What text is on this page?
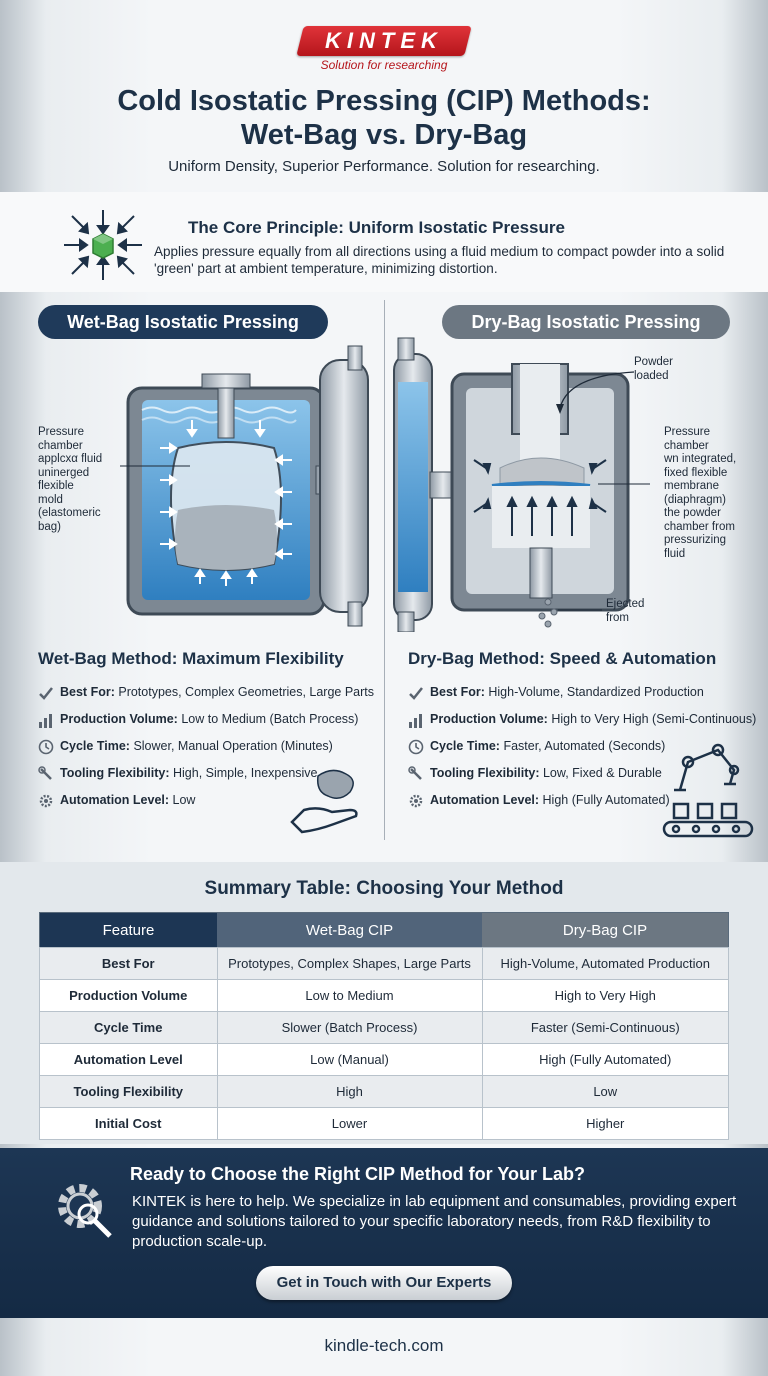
KINTEK
Solution for researching
Cold Isostatic Pressing (CIP) Methods:
Wet-Bag vs. Dry-Bag
Uniform Density, Superior Performance. Solution for researching.
The Core Principle: Uniform Isostatic Pressure
Applies pressure equally from all directions using a fluid medium to compact powder into a solid 'green' part at ambient temperature, minimizing distortion.
Wet-Bag Isostatic Pressing	Dry-Bag Isostatic Pressing
Pressure
chamber
applcxα fluid
uninerged
flexible
mold
(elastomeric
bag)
Powder
loaded
Pressure
chamber
wn integrated,
fixed flexible
membrane
(diaphragm)
the powder
chamber from
pressurizing
fluid
Ejected
from
Wet-Bag Method: Maximum Flexibility
Best For: Prototypes, Complex Geometries, Large Parts
Production Volume: Low to Medium (Batch Process)
Cycle Time: Slower, Manual Operation (Minutes)
Tooling Flexibility: High, Simple, Inexpensive
Automation Level: Low
Dry-Bag Method: Speed & Automation
Best For: High-Volume, Standardized Production
Production Volume: High to Very High (Semi-Continuous)
Cycle Time: Faster, Automated (Seconds)
Tooling Flexibility: Low, Fixed & Durable
Automation Level: High (Fully Automated)
Summary Table: Choosing Your Method
Feature	Wet-Bag CIP	Dry-Bag CIP
Best For	Prototypes, Complex Shapes, Large Parts	High-Volume, Automated Production
Production Volume	Low to Medium	High to Very High
Cycle Time	Slower (Batch Process)	Faster (Semi-Continuous)
Automation Level	Low (Manual)	High (Fully Automated)
Tooling Flexibility	High	Low
Initial Cost	Lower	Higher
Ready to Choose the Right CIP Method for Your Lab?
KINTEK is here to help. We specialize in lab equipment and consumables, providing expert guidance and solutions tailored to your specific laboratory needs, from R&D flexibility to production scale-up.
Get in Touch with Our Experts
kindle-tech.com
